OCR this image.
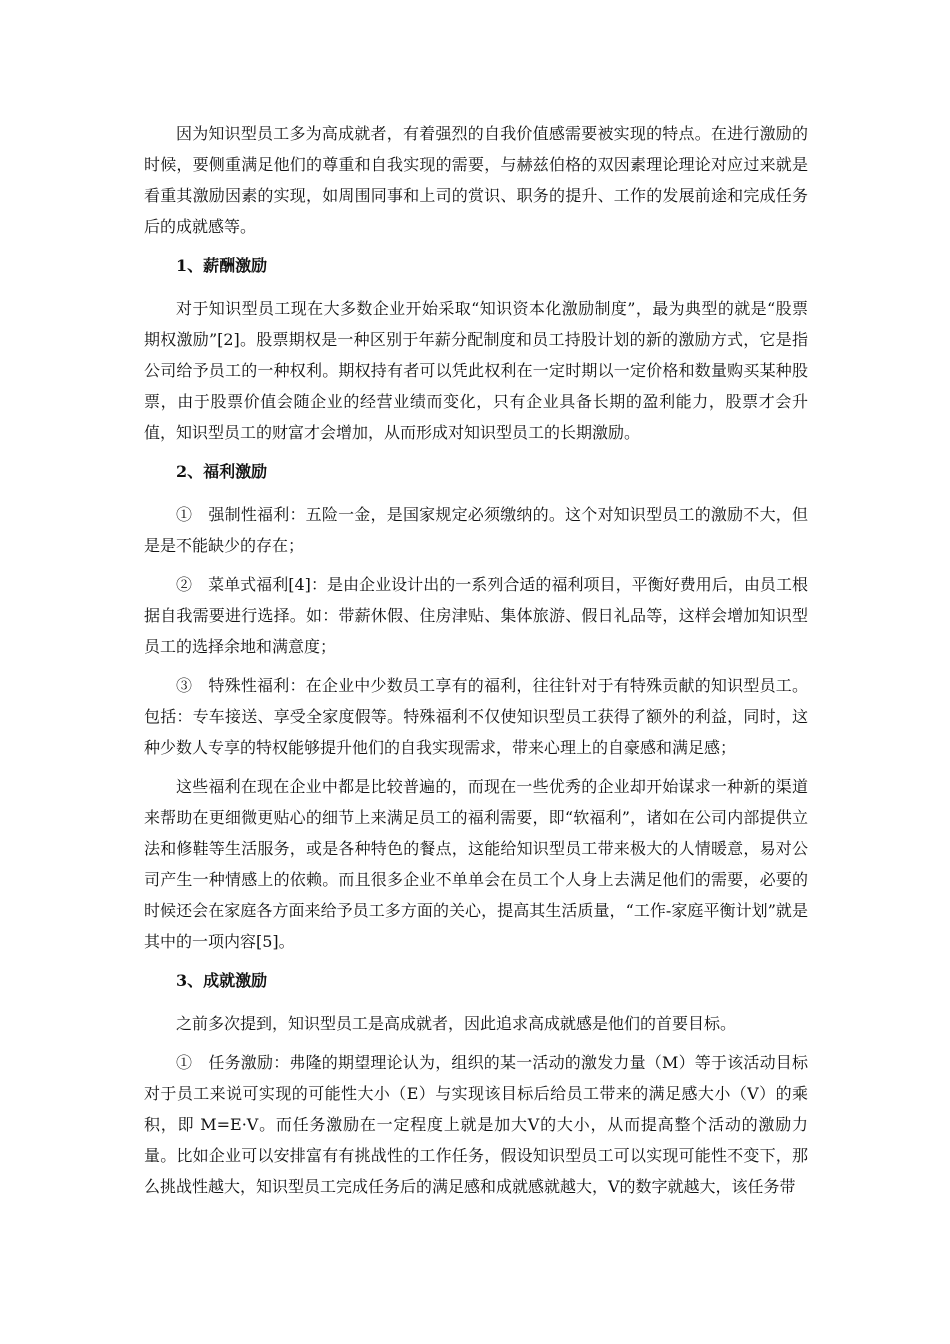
因为知识型员工多为高成就者，有着强烈的自我价值感需要被实现的特点。在进行激励的时候，要侧重满足他们的尊重和自我实现的需要，与赫兹伯格的双因素理论理论对应过来就是看重其激励因素的实现，如周围同事和上司的赏识、职务的提升、工作的发展前途和完成任务后的成就感等。

1、薪酬激励

对于知识型员工现在大多数企业开始采取“知识资本化激励制度”，最为典型的就是“股票期权激励”[2]。股票期权是一种区别于年薪分配制度和员工持股计划的新的激励方式，它是指公司给予员工的一种权利。期权持有者可以凭此权利在一定时期以一定价格和数量购买某种股票，由于股票价值会随企业的经营业绩而变化，只有企业具备长期的盈利能力，股票才会升值，知识型员工的财富才会增加，从而形成对知识型员工的长期激励。

2、福利激励

①　强制性福利：五险一金，是国家规定必须缴纳的。这个对知识型员工的激励不大，但是是不能缺少的存在；

②　菜单式福利[4]：是由企业设计出的一系列合适的福利项目，平衡好费用后，由员工根据自我需要进行选择。如：带薪休假、住房津贴、集体旅游、假日礼品等，这样会增加知识型员工的选择余地和满意度；

③　特殊性福利：在企业中少数员工享有的福利，往往针对于有特殊贡献的知识型员工。包括：专车接送、享受全家度假等。特殊福利不仅使知识型员工获得了额外的利益，同时，这种少数人专享的特权能够提升他们的自我实现需求，带来心理上的自豪感和满足感；

这些福利在现在企业中都是比较普遍的，而现在一些优秀的企业却开始谋求一种新的渠道来帮助在更细微更贴心的细节上来满足员工的福利需要，即“软福利”，诸如在公司内部提供立法和修鞋等生活服务，或是各种特色的餐点，这能给知识型员工带来极大的人情暖意，易对公司产生一种情感上的依赖。而且很多企业不单单会在员工个人身上去满足他们的需要，必要的时候还会在家庭各方面来给予员工多方面的关心，提高其生活质量，“工作-家庭平衡计划”就是其中的一项内容[5]。

3、成就激励

之前多次提到，知识型员工是高成就者，因此追求高成就感是他们的首要目标。

①　任务激励：弗隆的期望理论认为，组织的某一活动的激发力量（M）等于该活动目标对于员工来说可实现的可能性大小（E）与实现该目标后给员工带来的满足感大小（V）的乘积，即 M=E·V。而任务激励在一定程度上就是加大V的大小，从而提高整个活动的激励力量。比如企业可以安排富有有挑战性的工作任务，假设知识型员工可以实现可能性不变下，那么挑战性越大，知识型员工完成任务后的满足感和成就感就越大，V的数字就越大，该任务带
